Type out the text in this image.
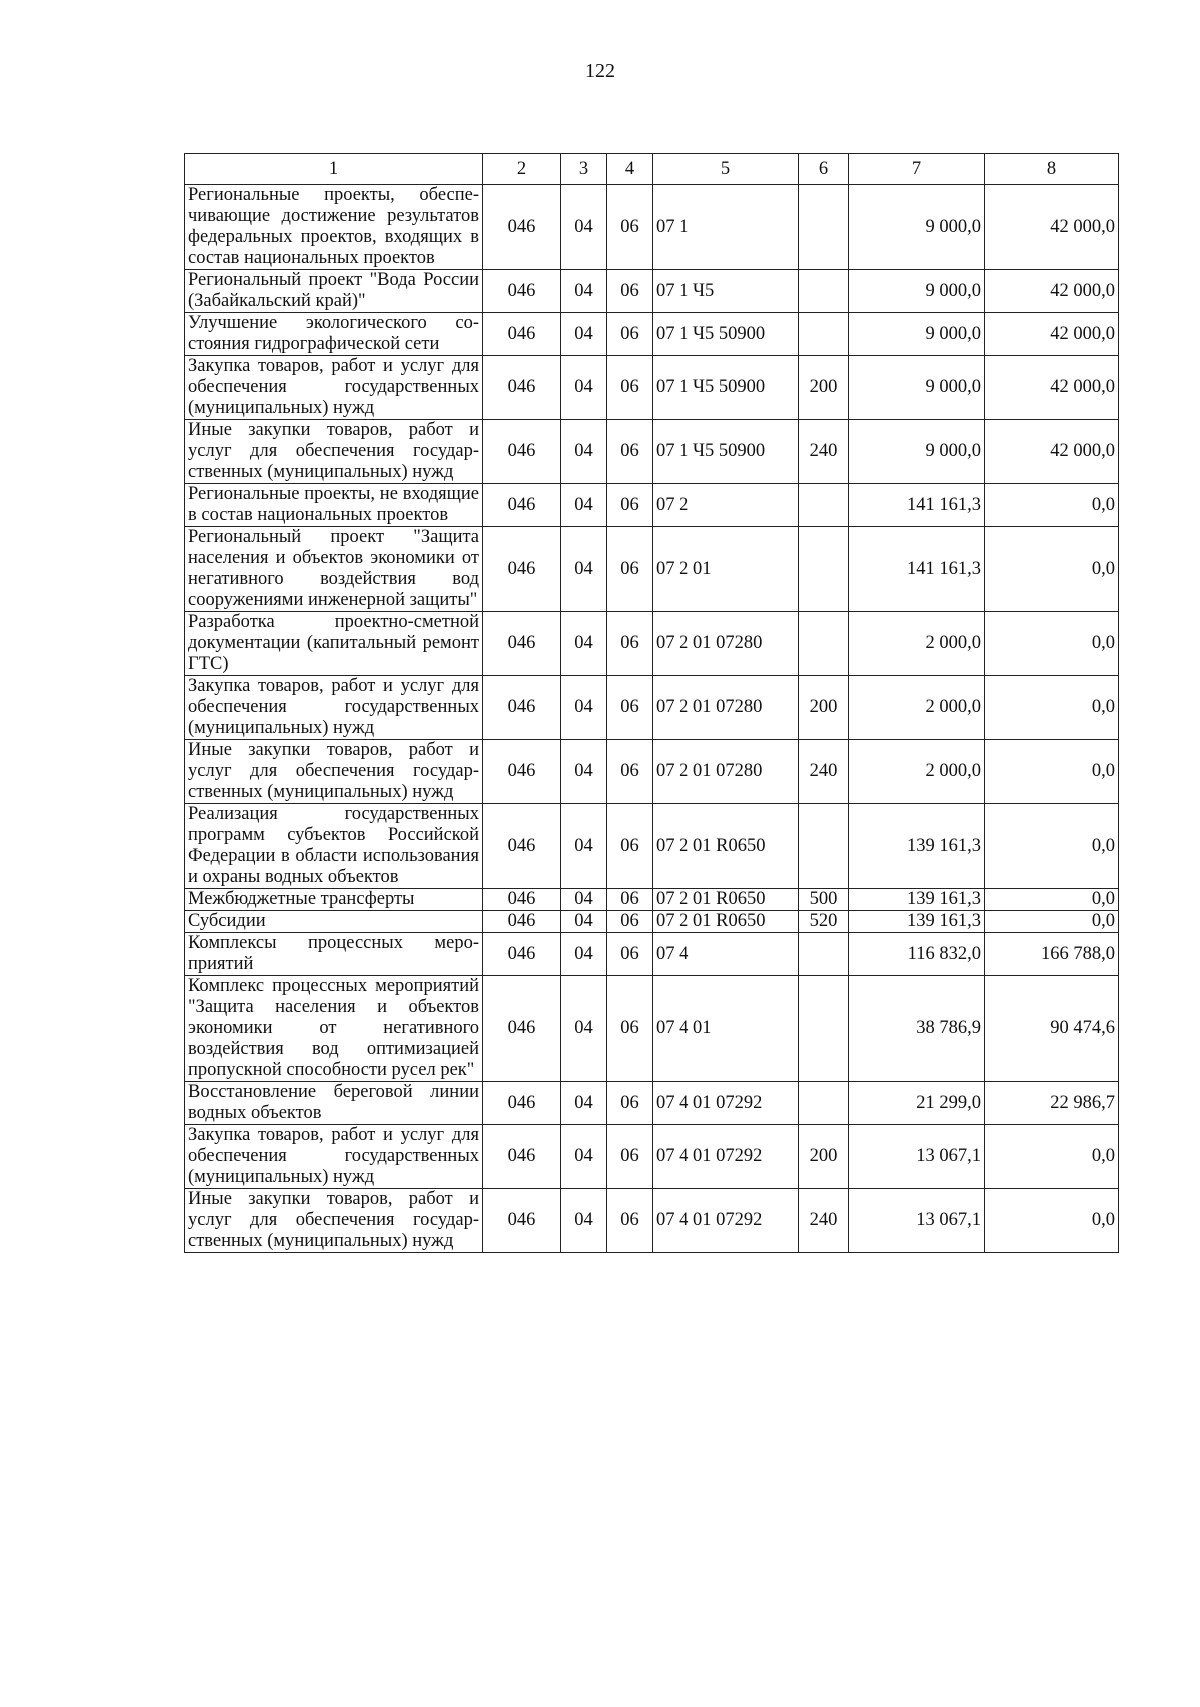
122
1	2	3	4	5	6	7	8
Региональные проекты, обеспечивающие достижение результатов федеральных проектов, входящих в состав национальных проектов	046	04	06	07 1		9 000,0	42 000,0
Региональный проект "Вода России (Забайкальский край)"	046	04	06	07 1 Ч5		9 000,0	42 000,0
Улучшение экологического состояния гидрографической сети	046	04	06	07 1 Ч5 50900		9 000,0	42 000,0
Закупка товаров, работ и услуг для обеспечения государственных (муниципальных) нужд	046	04	06	07 1 Ч5 50900	200	9 000,0	42 000,0
Иные закупки товаров, работ и услуг для обеспечения государственных (муниципальных) нужд	046	04	06	07 1 Ч5 50900	240	9 000,0	42 000,0
Региональные проекты, не входящие в состав национальных проектов	046	04	06	07 2		141 161,3	0,0
Региональный проект "Защита населения и объектов экономики от негативного воздействия вод сооружениями инженерной защиты"	046	04	06	07 2 01		141 161,3	0,0
Разработка проектно-сметной документации (капитальный ремонт ГТС)	046	04	06	07 2 01 07280		2 000,0	0,0
Закупка товаров, работ и услуг для обеспечения государственных (муниципальных) нужд	046	04	06	07 2 01 07280	200	2 000,0	0,0
Иные закупки товаров, работ и услуг для обеспечения государственных (муниципальных) нужд	046	04	06	07 2 01 07280	240	2 000,0	0,0
Реализация государственных программ субъектов Российской Федерации в области использования и охраны водных объектов	046	04	06	07 2 01 R0650		139 161,3	0,0
Межбюджетные трансферты	046	04	06	07 2 01 R0650	500	139 161,3	0,0
Субсидии	046	04	06	07 2 01 R0650	520	139 161,3	0,0
Комплексы процессных мероприятий	046	04	06	07 4		116 832,0	166 788,0
Комплекс процессных мероприятий "Защита населения и объектов экономики от негативного воздействия вод оптимизацией пропускной способности русел рек"	046	04	06	07 4 01		38 786,9	90 474,6
Восстановление береговой линии водных объектов	046	04	06	07 4 01 07292		21 299,0	22 986,7
Закупка товаров, работ и услуг для обеспечения государственных (муниципальных) нужд	046	04	06	07 4 01 07292	200	13 067,1	0,0
Иные закупки товаров, работ и услуг для обеспечения государственных (муниципальных) нужд	046	04	06	07 4 01 07292	240	13 067,1	0,0
